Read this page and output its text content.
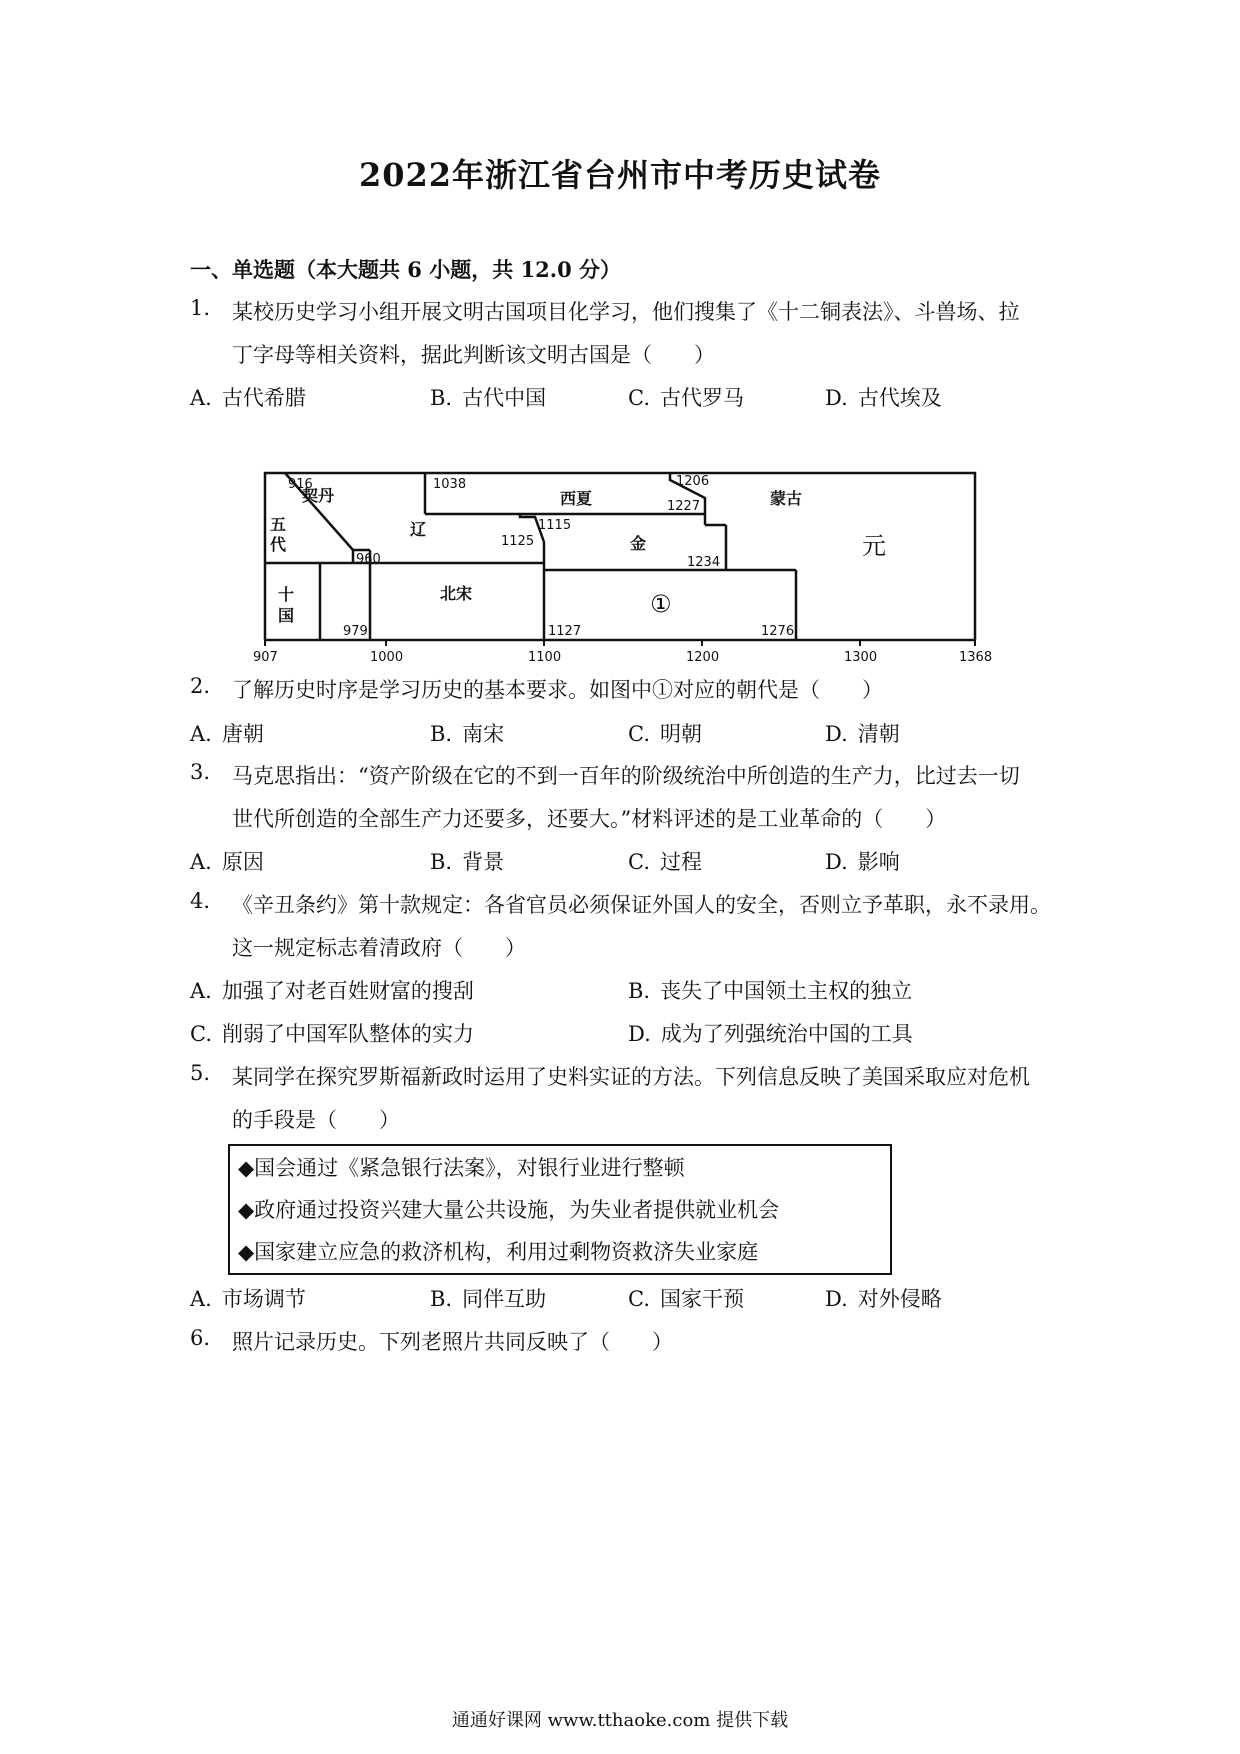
2022年浙江省台州市中考历史试卷
一、单选题（本大题共 6 小题，共 12.0 分）
1. 某校历史学习小组开展文明古国项目化学习，他们搜集了《十二铜表法》、斗兽场、拉
丁字母等相关资料，据此判断该文明古国是（　　）
A. 古代希腊	B. 古代中国	C. 古代罗马	D. 古代埃及
契丹
五
代
辽
西夏	蒙古
金	元
十
国
北宋	①
916	1038	1206
1227
1115
1125
1234
960
979	1127	1276
907	1000	1100	1200	1300	1368
2. 了解历史时序是学习历史的基本要求。如图中①对应的朝代是（　　）
A. 唐朝	B. 南宋	C. 明朝	D. 清朝
3. 马克思指出：“资产阶级在它的不到一百年的阶级统治中所创造的生产力，比过去一切
世代所创造的全部生产力还要多，还要大。”材料评述的是工业革命的（　　）
A. 原因	B. 背景	C. 过程	D. 影响
4. 《辛丑条约》第十款规定：各省官员必须保证外国人的安全，否则立予革职，永不录用。
这一规定标志着清政府（　　）
A. 加强了对老百姓财富的搜刮	B. 丧失了中国领土主权的独立
C. 削弱了中国军队整体的实力	D. 成为了列强统治中国的工具
5. 某同学在探究罗斯福新政时运用了史料实证的方法。下列信息反映了美国采取应对危机
的手段是（　　）
◆国会通过《紧急银行法案》，对银行业进行整顿
◆政府通过投资兴建大量公共设施，为失业者提供就业机会
◆国家建立应急的救济机构，利用过剩物资救济失业家庭
A. 市场调节	B. 同伴互助	C. 国家干预	D. 对外侵略
6. 照片记录历史。下列老照片共同反映了（　　）
通通好课网 www.tthaoke.com 提供下载
